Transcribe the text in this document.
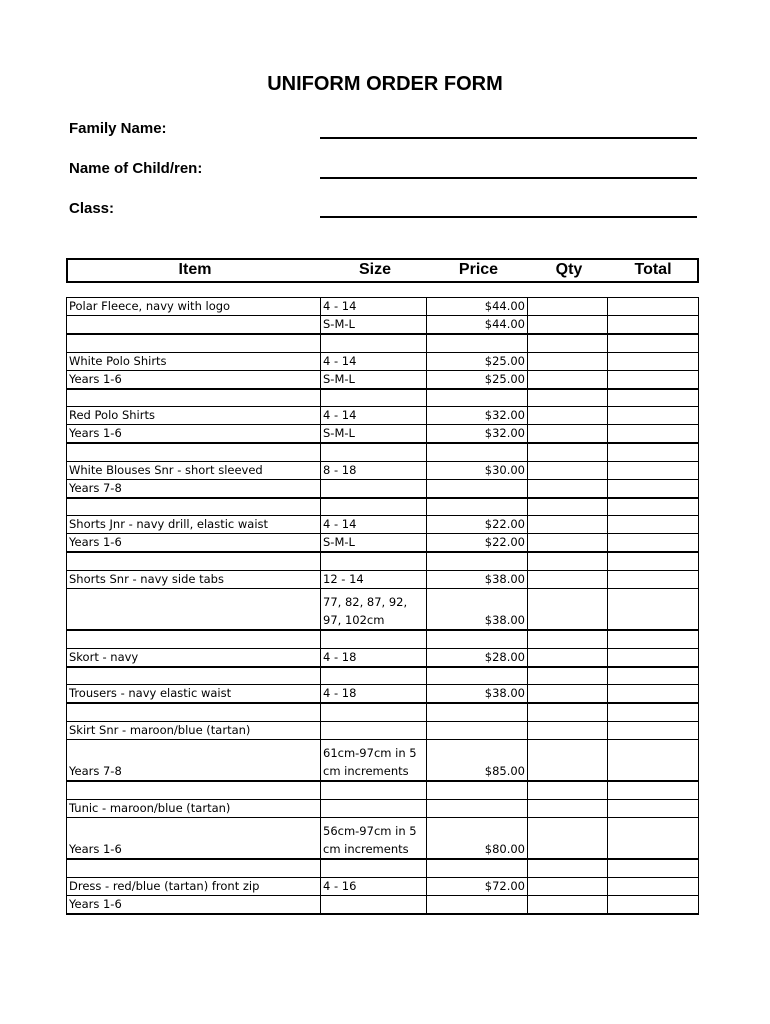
UNIFORM ORDER FORM
Family Name:
Name of Child/ren:
Class:
Item	Size	Price	Qty	Total
Polar Fleece, navy with logo	4 - 14	$44.00		
	S-M-L	$44.00		

White Polo Shirts	4 - 14	$25.00		
Years 1-6	S-M-L	$25.00		

Red Polo Shirts	4 - 14	$32.00		
Years 1-6	S-M-L	$32.00		

White Blouses Snr - short sleeved	8 - 18	$30.00		
Years 7-8				

Shorts Jnr - navy drill, elastic waist	4 - 14	$22.00		
Years 1-6	S-M-L	$22.00		

Shorts Snr - navy side tabs	12 - 14	$38.00		
	77, 82, 87, 92, 97, 102cm	$38.00		

Skort - navy	4 - 18	$28.00		

Trousers - navy elastic waist	4 - 18	$38.00		

Skirt Snr - maroon/blue (tartan)				
Years 7-8	61cm-97cm in 5 cm increments	$85.00		

Tunic - maroon/blue (tartan)				
Years 1-6	56cm-97cm in 5 cm increments	$80.00		

Dress - red/blue (tartan) front zip	4 - 16	$72.00		
Years 1-6				
